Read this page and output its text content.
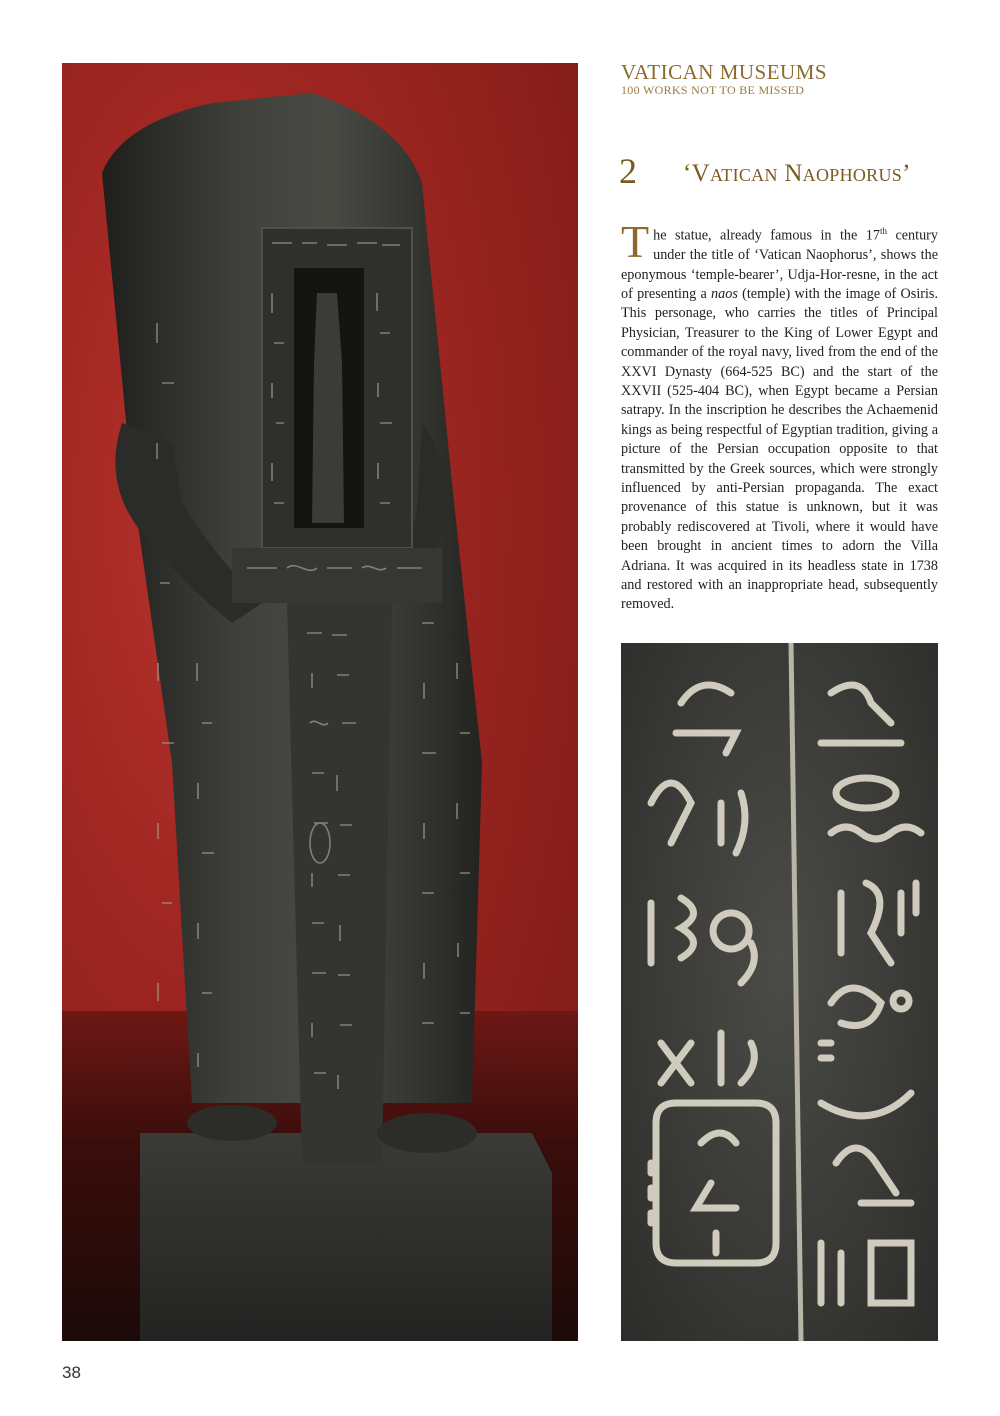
VATICAN MUSEUMS
100 WORKS NOT TO BE MISSED
2 ‘Vatican Naophorus’
The statue, already famous in the 17th century under the title of ‘Vatican Naophorus’, shows the eponymous ‘temple-bearer’, Udja-Hor-resne, in the act of presenting a naos (temple) with the image of Osiris. This personage, who carries the titles of Principal Physician, Treasurer to the King of Lower Egypt and commander of the royal navy, lived from the end of the XXVI Dynasty (664-525 BC) and the start of the XXVII (525-404 BC), when Egypt became a Persian satrapy. In the inscription he describes the Achaemenid kings as being respectful of Egyptian tradition, giving a picture of the Persian occupation opposite to that transmitted by the Greek sources, which were strongly influenced by anti-Persian propaganda. The exact provenance of this statue is unknown, but it was probably rediscovered at Tivoli, where it would have been brought in ancient times to adorn the Villa Adriana. It was acquired in its headless state in 1738 and restored with an inappropriate head, subsequently removed.
38
